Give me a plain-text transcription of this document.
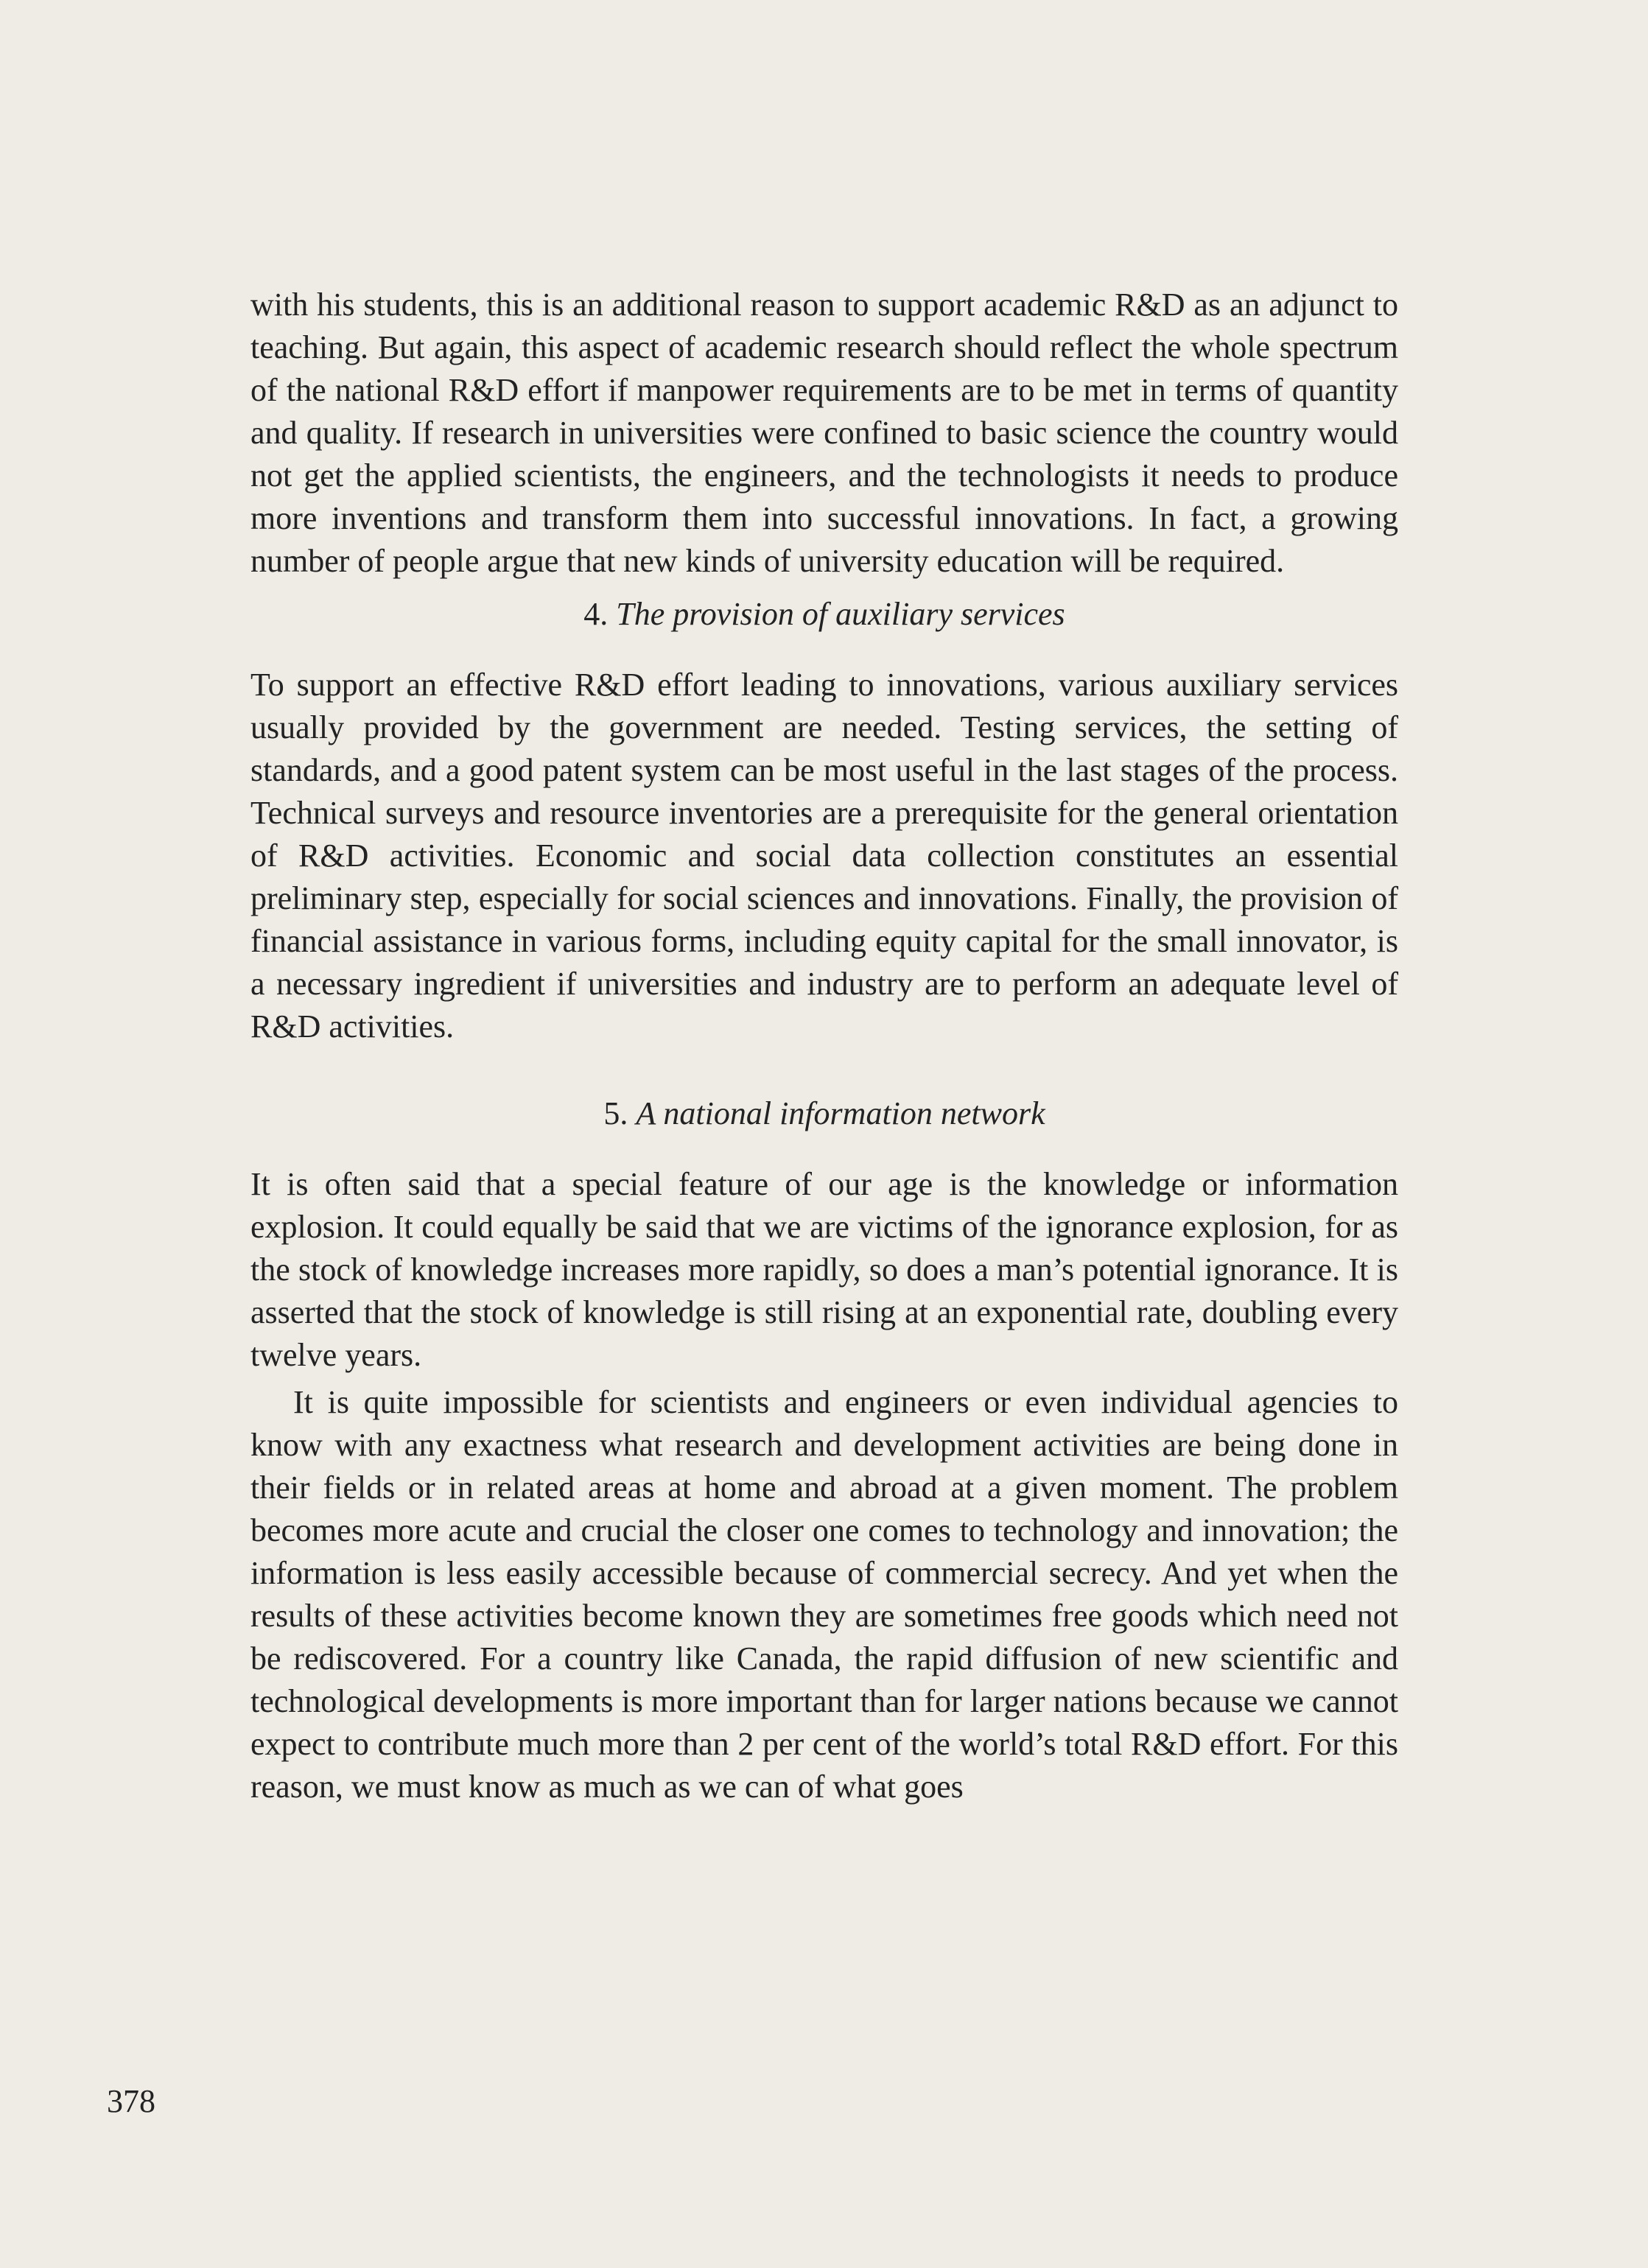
with his students, this is an additional reason to support academic R&D as an adjunct to teaching. But again, this aspect of academic research should reflect the whole spectrum of the national R&D effort if manpower requirements are to be met in terms of quantity and quality. If research in universities were confined to basic science the country would not get the applied scientists, the engineers, and the technologists it needs to produce more inventions and transform them into successful innovations. In fact, a growing number of people argue that new kinds of university education will be required.

4. The provision of auxiliary services

To support an effective R&D effort leading to innovations, various auxiliary services usually provided by the government are needed. Testing services, the setting of standards, and a good patent system can be most useful in the last stages of the process. Technical surveys and resource inventories are a prerequisite for the general orientation of R&D activities. Economic and social data collection constitutes an essential preliminary step, especially for social sciences and innovations. Finally, the provision of financial assistance in various forms, including equity capital for the small innovator, is a necessary ingredient if universities and industry are to perform an adequate level of R&D activities.

5. A national information network

It is often said that a special feature of our age is the knowledge or information explosion. It could equally be said that we are victims of the ignorance explosion, for as the stock of knowledge increases more rapidly, so does a man’s potential ignorance. It is asserted that the stock of knowledge is still rising at an exponential rate, doubling every twelve years.

It is quite impossible for scientists and engineers or even individual agencies to know with any exactness what research and development activities are being done in their fields or in related areas at home and abroad at a given moment. The problem becomes more acute and crucial the closer one comes to technology and innovation; the information is less easily accessible because of commercial secrecy. And yet when the results of these activities become known they are sometimes free goods which need not be rediscovered. For a country like Canada, the rapid diffusion of new scientific and technological developments is more important than for larger nations because we cannot expect to contribute much more than 2 per cent of the world’s total R&D effort. For this reason, we must know as much as we can of what goes

378
